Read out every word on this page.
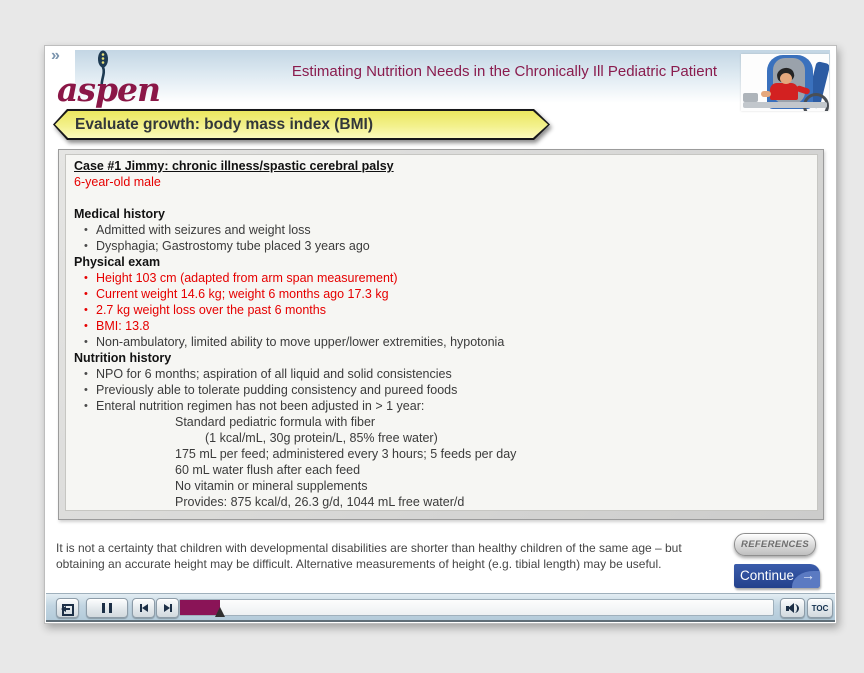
»
aspen	Estimating Nutrition Needs in the Chronically Ill Pediatric Patient
Evaluate growth: body mass index (BMI)
Case #1 Jimmy: chronic illness/spastic cerebral palsy
6-year-old male
Medical history
• Admitted with seizures and weight loss
• Dysphagia; Gastrostomy tube placed 3 years ago
Physical exam
• Height 103 cm (adapted from arm span measurement)
• Current weight 14.6 kg; weight 6 months ago 17.3 kg
• 2.7 kg weight loss over the past 6 months
• BMI: 13.8
• Non-ambulatory, limited ability to move upper/lower extremities, hypotonia
Nutrition history
• NPO for 6 months; aspiration of all liquid and solid consistencies
• Previously able to tolerate pudding consistency and pureed foods
• Enteral nutrition regimen has not been adjusted in > 1 year:
Standard pediatric formula with fiber
(1 kcal/mL, 30g protein/L, 85% free water)
175 mL per feed; administered every 3 hours; 5 feeds per day
60 mL water flush after each feed
No vitamin or mineral supplements
Provides: 875 kcal/d, 26.3 g/d, 1044 mL free water/d
It is not a certainty that children with developmental disabilities are shorter than healthy children of the same age – but obtaining an accurate height may be difficult. Alternative measurements of height (e.g. tibial length) may be useful.
REFERENCES
Continue →
TOC
